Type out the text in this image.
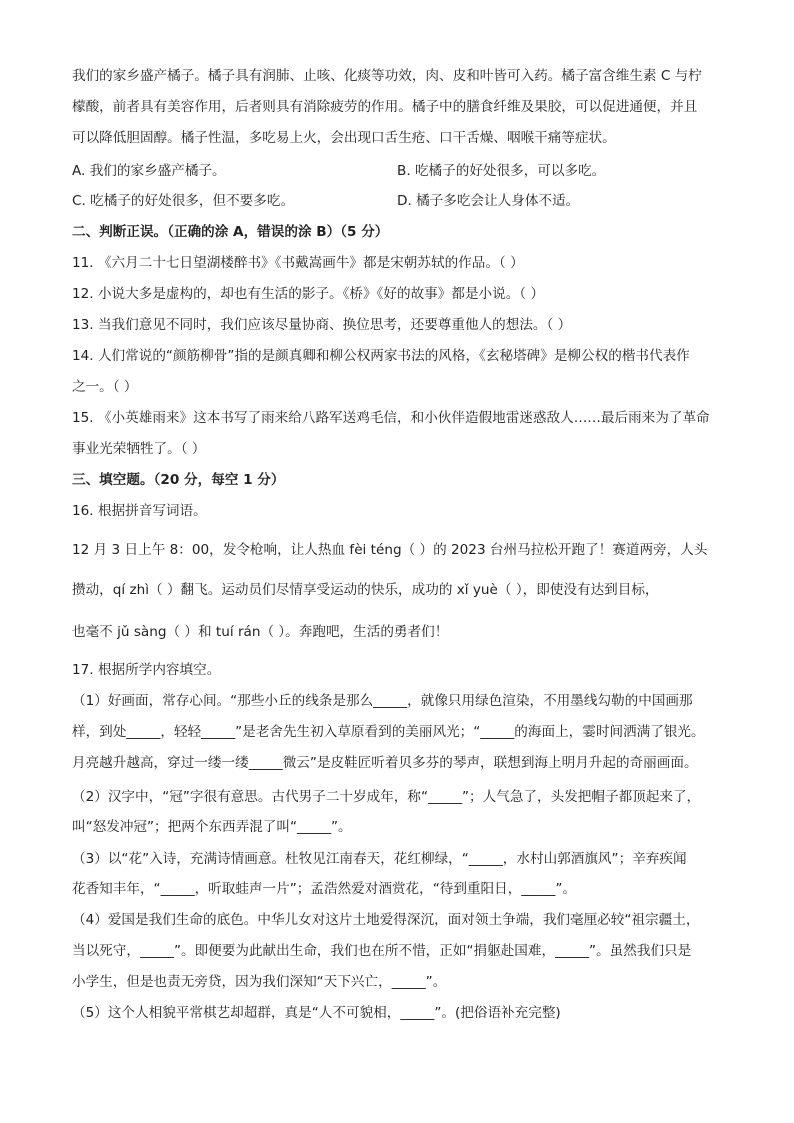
我们的家乡盛产橘子。橘子具有润肺、止咳、化痰等功效，肉、皮和叶皆可入药。橘子富含维生素 C 与柠
檬酸，前者具有美容作用，后者则具有消除疲劳的作用。橘子中的膳食纤维及果胶，可以促进通便，并且
可以降低胆固醇。橘子性温，多吃易上火，会出现口舌生疮、口干舌燥、咽喉干痛等症状。
A. 我们的家乡盛产橘子。	B. 吃橘子的好处很多，可以多吃。
C. 吃橘子的好处很多，但不要多吃。	D. 橘子多吃会让人身体不适。
二、判断正误。（正确的涂 A，错误的涂 B）（5 分）
11. 《六月二十七日望湖楼醉书》《书戴嵩画牛》都是宋朝苏轼的作品。（ ）
12. 小说大多是虚构的，却也有生活的影子。《桥》《好的故事》都是小说。（ ）
13. 当我们意见不同时，我们应该尽量协商、换位思考，还要尊重他人的想法。（ ）
14. 人们常说的“颜筋柳骨”指的是颜真卿和柳公权两家书法的风格，《玄秘塔碑》是柳公权的楷书代表作
之一。（ ）
15. 《小英雄雨来》这本书写了雨来给八路军送鸡毛信，和小伙伴造假地雷迷惑敌人……最后雨来为了革命
事业光荣牺牲了。（ ）
三、填空题。（20 分，每空 1 分）
16. 根据拼音写词语。
12 月 3 日上午 8：00，发令枪响，让人热血 fèi téng（ ）的 2023 台州马拉松开跑了！赛道两旁，人头
攒动，qí zhì（ ）翻飞。运动员们尽情享受运动的快乐，成功的 xǐ yuè（ ），即使没有达到目标，
也毫不 jǔ sàng（ ）和 tuí rán（ ）。奔跑吧，生活的勇者们！
17. 根据所学内容填空。
（1）好画面，常存心间。“那些小丘的线条是那么_____，就像只用绿色渲染，不用墨线勾勒的中国画那
样，到处_____，轻轻_____”是老舍先生初入草原看到的美丽风光；“_____的海面上，霎时间洒满了银光。
月亮越升越高，穿过一缕一缕_____微云”是皮鞋匠听着贝多芬的琴声，联想到海上明月升起的奇丽画面。
（2）汉字中，“冠”字很有意思。古代男子二十岁成年，称“_____”；人气急了，头发把帽子都顶起来了，
叫“怒发冲冠”；把两个东西弄混了叫“_____”。
（3）以“花”入诗，充满诗情画意。杜牧见江南春天，花红柳绿，“_____，水村山郭酒旗风”；辛弃疾闻
花香知丰年，“_____，听取蛙声一片”；孟浩然爱对酒赏花，“待到重阳日，_____”。
（4）爱国是我们生命的底色。中华儿女对这片土地爱得深沉，面对领土争端，我们毫厘必较“祖宗疆土，
当以死守，_____”。即便要为此献出生命，我们也在所不惜，正如“捐躯赴国难，_____”。虽然我们只是
小学生，但是也责无旁贷，因为我们深知“天下兴亡，_____”。
（5）这个人相貌平常棋艺却超群，真是“人不可貌相，_____”。(把俗语补充完整)
